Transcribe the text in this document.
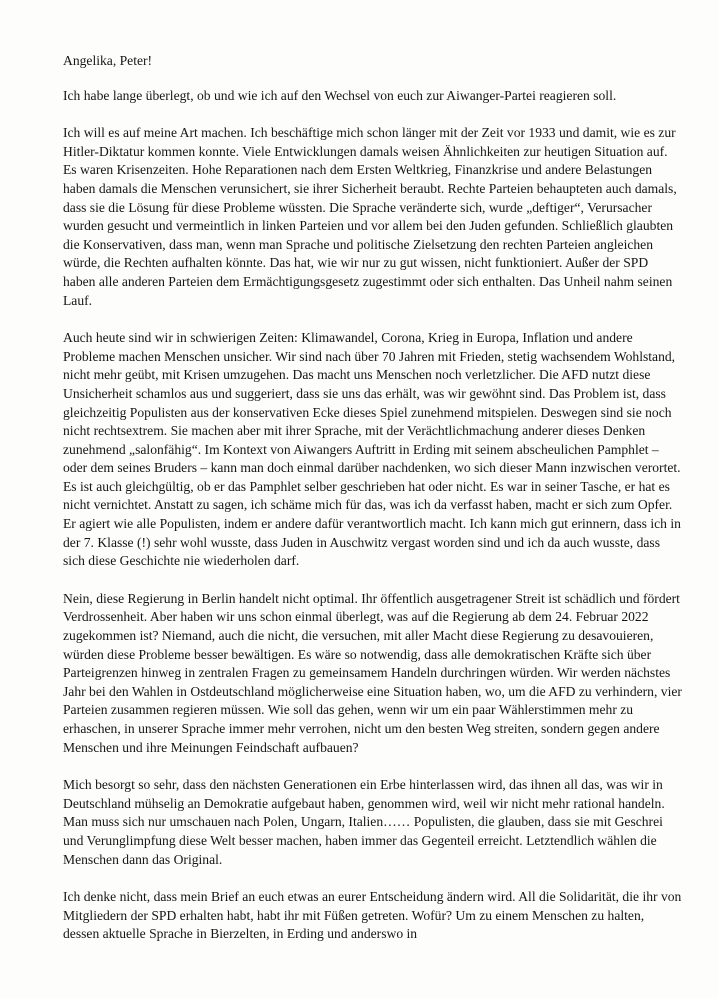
Angelika, Peter!

Ich habe lange überlegt, ob und wie ich auf den Wechsel von euch zur Aiwanger-Partei reagieren soll.

Ich will es auf meine Art machen. Ich beschäftige mich schon länger mit der Zeit vor 1933 und damit, wie es zur Hitler-Diktatur kommen konnte. Viele Entwicklungen damals weisen Ähnlichkeiten zur heutigen Situation auf. Es waren Krisenzeiten. Hohe Reparationen nach dem Ersten Weltkrieg, Finanzkrise und andere Belastungen haben damals die Menschen verunsichert, sie ihrer Sicherheit beraubt. Rechte Parteien behaupteten auch damals, dass sie die Lösung für diese Probleme wüssten. Die Sprache veränderte sich, wurde „deftiger“, Verursacher wurden gesucht und vermeintlich in linken Parteien und vor allem bei den Juden gefunden. Schließlich glaubten die Konservativen, dass man, wenn man Sprache und politische Zielsetzung den rechten Parteien angleichen würde, die Rechten aufhalten könnte. Das hat, wie wir nur zu gut wissen, nicht funktioniert. Außer der SPD haben alle anderen Parteien dem Ermächtigungsgesetz zugestimmt oder sich enthalten. Das Unheil nahm seinen Lauf.

Auch heute sind wir in schwierigen Zeiten: Klimawandel, Corona, Krieg in Europa, Inflation und andere Probleme machen Menschen unsicher. Wir sind nach über 70 Jahren mit Frieden, stetig wachsendem Wohlstand, nicht mehr geübt, mit Krisen umzugehen. Das macht uns Menschen noch verletzlicher. Die AFD nutzt diese Unsicherheit schamlos aus und suggeriert, dass sie uns das erhält, was wir gewöhnt sind. Das Problem ist, dass gleichzeitig Populisten aus der konservativen Ecke dieses Spiel zunehmend mitspielen. Deswegen sind sie noch nicht rechtsextrem. Sie machen aber mit ihrer Sprache, mit der Verächtlichmachung anderer dieses Denken zunehmend „salonfähig“. Im Kontext von Aiwangers Auftritt in Erding mit seinem abscheulichen Pamphlet – oder dem seines Bruders – kann man doch einmal darüber nachdenken, wo sich dieser Mann inzwischen verortet. Es ist auch gleichgültig, ob er das Pamphlet selber geschrieben hat oder nicht. Es war in seiner Tasche, er hat es nicht vernichtet. Anstatt zu sagen, ich schäme mich für das, was ich da verfasst haben, macht er sich zum Opfer. Er agiert wie alle Populisten, indem er andere dafür verantwortlich macht. Ich kann mich gut erinnern, dass ich in der 7. Klasse (!) sehr wohl wusste, dass Juden in Auschwitz vergast worden sind und ich da auch wusste, dass sich diese Geschichte nie wiederholen darf.

Nein, diese Regierung in Berlin handelt nicht optimal. Ihr öffentlich ausgetragener Streit ist schädlich und fördert Verdrossenheit. Aber haben wir uns schon einmal überlegt, was auf die Regierung ab dem 24. Februar 2022 zugekommen ist? Niemand, auch die nicht, die versuchen, mit aller Macht diese Regierung zu desavouieren, würden diese Probleme besser bewältigen. Es wäre so notwendig, dass alle demokratischen Kräfte sich über Parteigrenzen hinweg in zentralen Fragen zu gemeinsamem Handeln durchringen würden. Wir werden nächstes Jahr bei den Wahlen in Ostdeutschland möglicherweise eine Situation haben, wo, um die AFD zu verhindern, vier Parteien zusammen regieren müssen. Wie soll das gehen, wenn wir um ein paar Wählerstimmen mehr zu erhaschen, in unserer Sprache immer mehr verrohen, nicht um den besten Weg streiten, sondern gegen andere Menschen und ihre Meinungen Feindschaft aufbauen?

Mich besorgt so sehr, dass den nächsten Generationen ein Erbe hinterlassen wird, das ihnen all das, was wir in Deutschland mühselig an Demokratie aufgebaut haben, genommen wird, weil wir nicht mehr rational handeln. Man muss sich nur umschauen nach Polen, Ungarn, Italien…… Populisten, die glauben, dass sie mit Geschrei und Verunglimpfung diese Welt besser machen, haben immer das Gegenteil erreicht. Letztendlich wählen die Menschen dann das Original.

Ich denke nicht, dass mein Brief an euch etwas an eurer Entscheidung ändern wird. All die Solidarität, die ihr von Mitgliedern der SPD erhalten habt, habt ihr mit Füßen getreten. Wofür? Um zu einem Menschen zu halten, dessen aktuelle Sprache in Bierzelten, in Erding und anderswo in
